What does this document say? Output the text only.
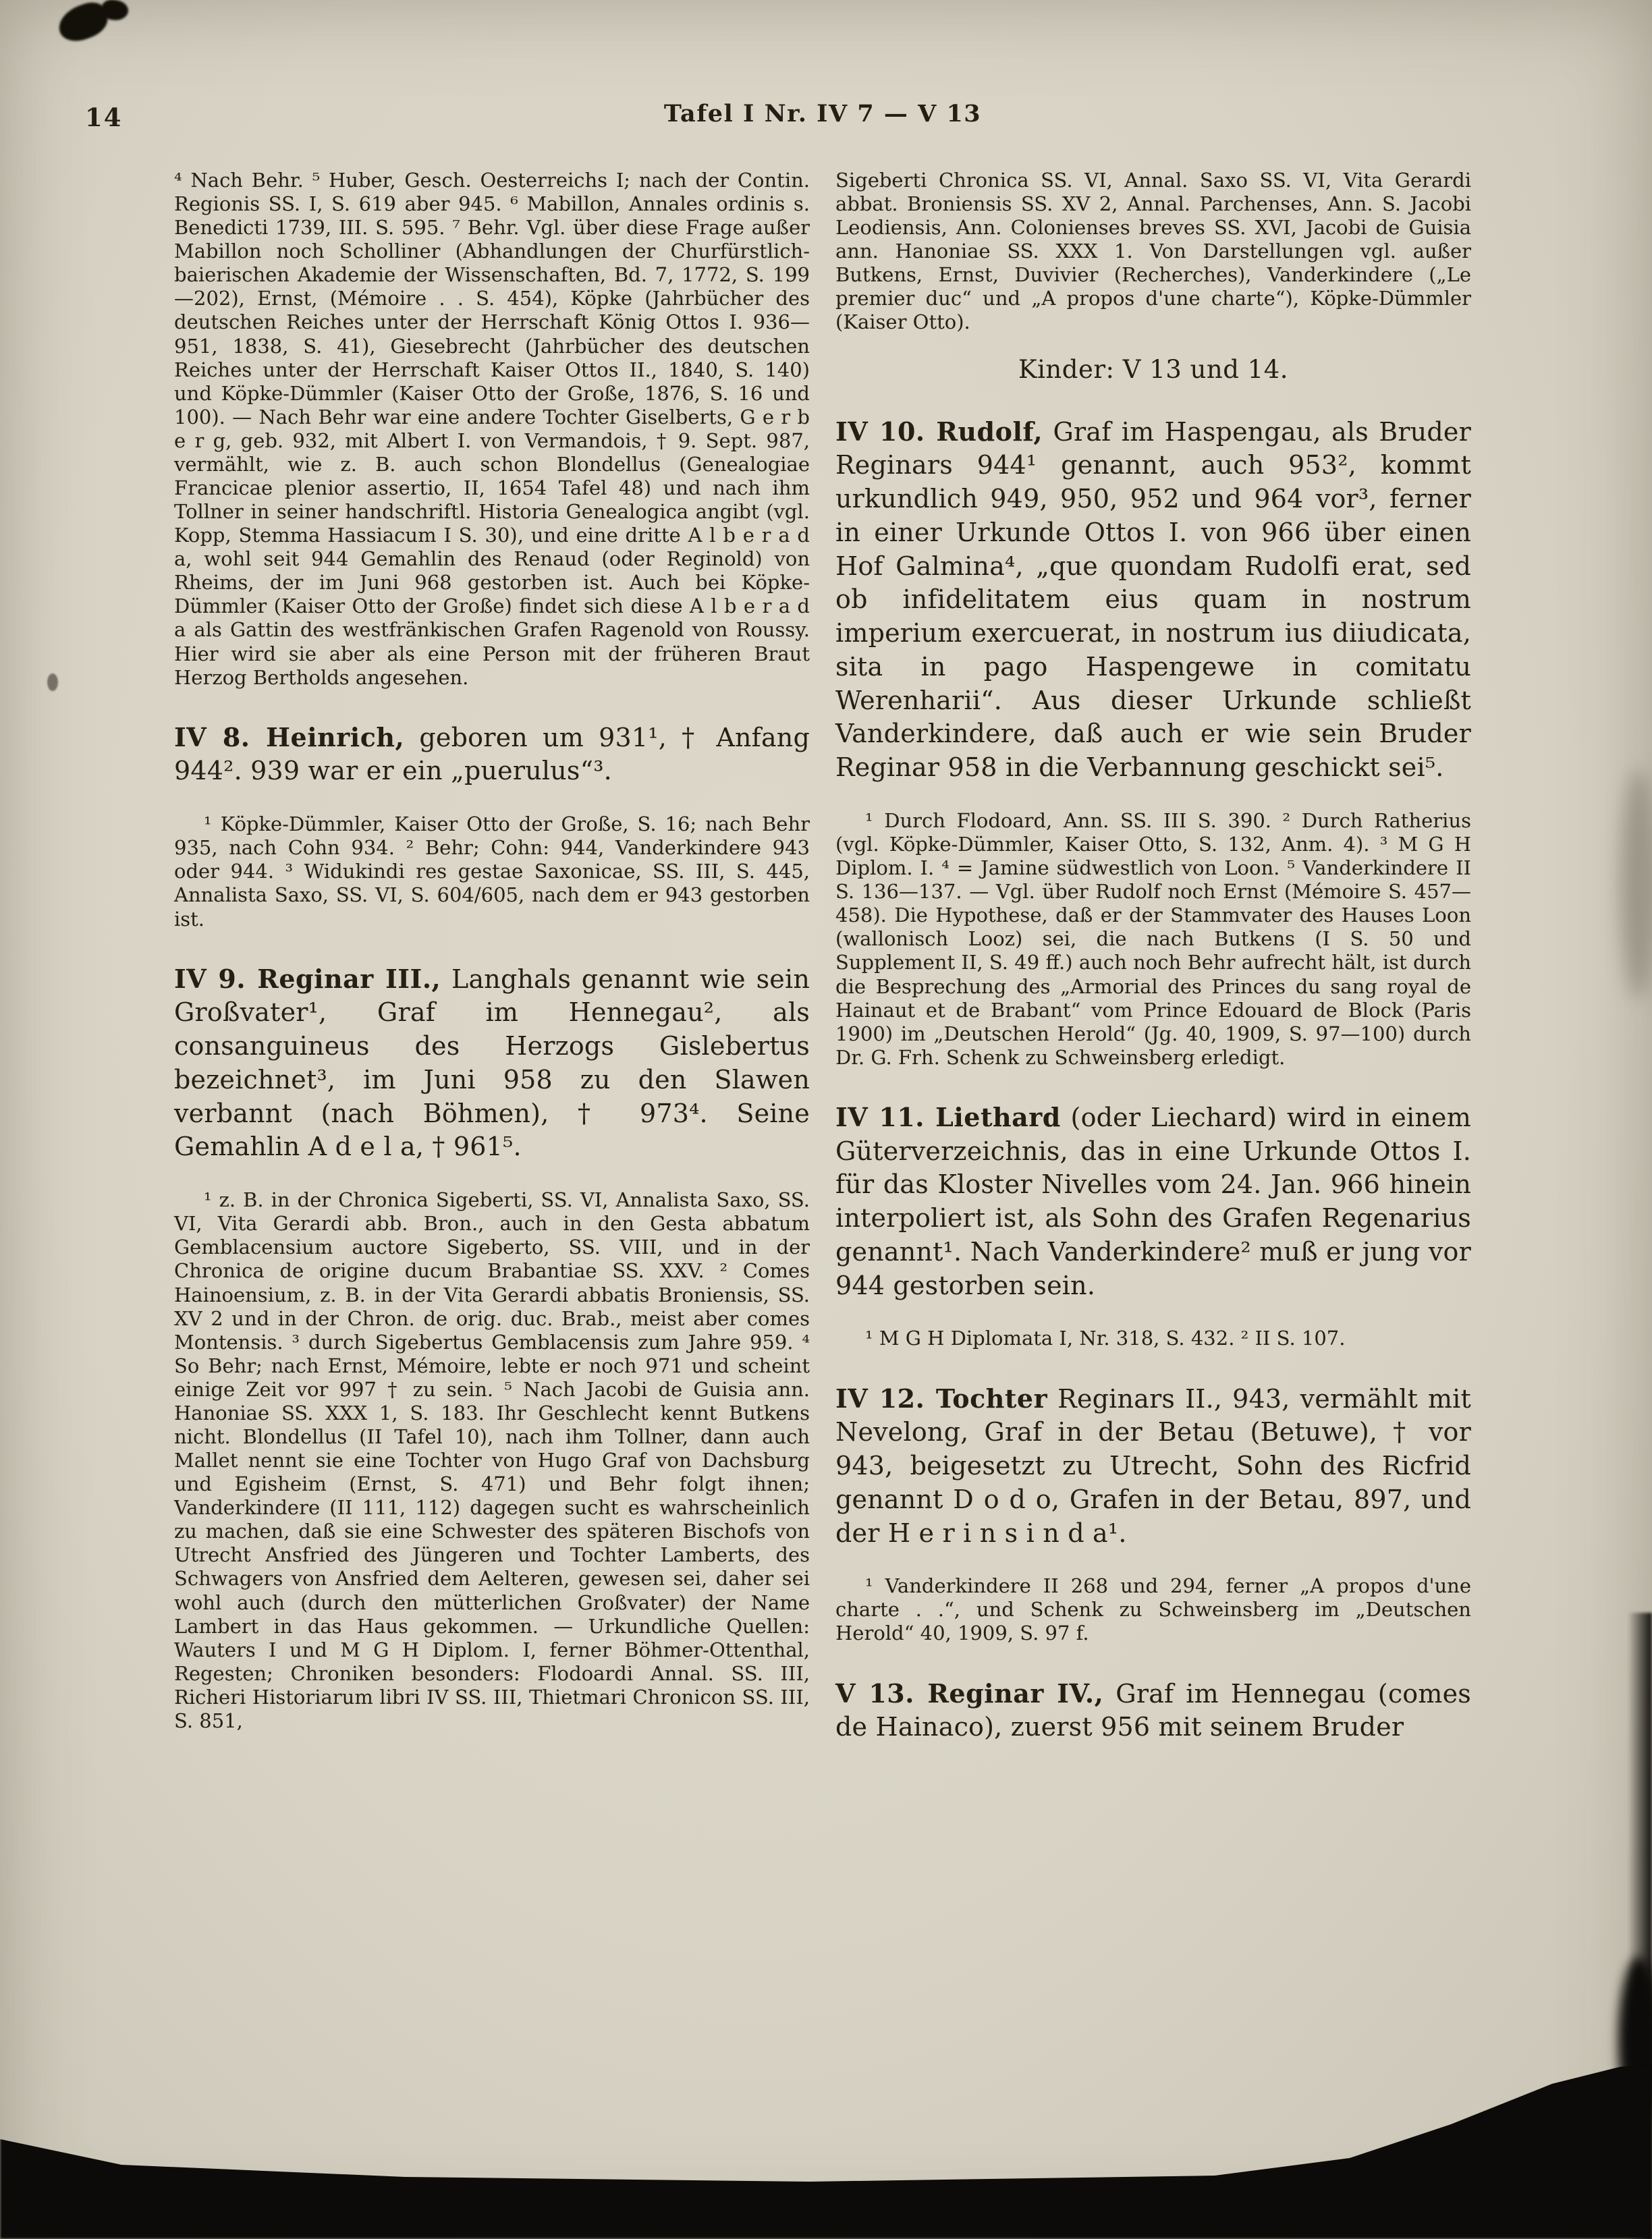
14	Tafel I Nr. IV 7 — V 13

⁴ Nach Behr. ⁵ Huber, Gesch. Oesterreichs I; nach der Contin. Regionis SS. I, S. 619 aber 945. ⁶ Mabillon, Annales ordinis s. Benedicti 1739, III. S. 595. ⁷ Behr. Vgl. über diese Frage außer Mabillon noch Scholliner (Abhandlungen der Churfürstlich-baierischen Akademie der Wissenschaften, Bd. 7, 1772, S. 199—202), Ernst, (Mémoire . . S. 454), Köpke (Jahrbücher des deutschen Reiches unter der Herrschaft König Ottos I. 936—951, 1838, S. 41), Giesebrecht (Jahrbücher des deutschen Reiches unter der Herrschaft Kaiser Ottos II., 1840, S. 140) und Köpke-Dümmler (Kaiser Otto der Große, 1876, S. 16 und 100). — Nach Behr war eine andere Tochter Giselberts, G e r b e r g, geb. 932, mit Albert I. von Vermandois, † 9. Sept. 987, vermählt, wie z. B. auch schon Blondellus (Genealogiae Francicae plenior assertio, II, 1654 Tafel 48) und nach ihm Tollner in seiner handschriftl. Historia Genealogica angibt (vgl. Kopp, Stemma Hassiacum I S. 30), und eine dritte A l b e r a d a, wohl seit 944 Gemahlin des Renaud (oder Reginold) von Rheims, der im Juni 968 gestorben ist. Auch bei Köpke-Dümmler (Kaiser Otto der Große) findet sich diese A l b e r a d a als Gattin des westfränkischen Grafen Ragenold von Roussy. Hier wird sie aber als eine Person mit der früheren Braut Herzog Bertholds angesehen.

IV 8. Heinrich, geboren um 931¹, † Anfang 944². 939 war er ein „puerulus“³.

¹ Köpke-Dümmler, Kaiser Otto der Große, S. 16; nach Behr 935, nach Cohn 934. ² Behr; Cohn: 944, Vanderkindere 943 oder 944. ³ Widukindi res gestae Saxonicae, SS. III, S. 445, Annalista Saxo, SS. VI, S. 604/605, nach dem er 943 gestorben ist.

IV 9. Reginar III., Langhals genannt wie sein Großvater¹, Graf im Hennegau², als consanguineus des Herzogs Gislebertus bezeichnet³, im Juni 958 zu den Slawen verbannt (nach Böhmen), † 973⁴. Seine Gemahlin A d e l a, † 961⁵.

¹ z. B. in der Chronica Sigeberti, SS. VI, Annalista Saxo, SS. VI, Vita Gerardi abb. Bron., auch in den Gesta abbatum Gemblacensium auctore Sigeberto, SS. VIII, und in der Chronica de origine ducum Brabantiae SS. XXV. ² Comes Hainoensium, z. B. in der Vita Gerardi abbatis Broniensis, SS. XV 2 und in der Chron. de orig. duc. Brab., meist aber comes Montensis. ³ durch Sigebertus Gemblacensis zum Jahre 959. ⁴ So Behr; nach Ernst, Mémoire, lebte er noch 971 und scheint einige Zeit vor 997 † zu sein. ⁵ Nach Jacobi de Guisia ann. Hanoniae SS. XXX 1, S. 183. Ihr Geschlecht kennt Butkens nicht. Blondellus (II Tafel 10), nach ihm Tollner, dann auch Mallet nennt sie eine Tochter von Hugo Graf von Dachsburg und Egisheim (Ernst, S. 471) und Behr folgt ihnen; Vanderkindere (II 111, 112) dagegen sucht es wahrscheinlich zu machen, daß sie eine Schwester des späteren Bischofs von Utrecht Ansfried des Jüngeren und Tochter Lamberts, des Schwagers von Ansfried dem Aelteren, gewesen sei, daher sei wohl auch (durch den mütterlichen Großvater) der Name Lambert in das Haus gekommen. — Urkundliche Quellen: Wauters I und M G H Diplom. I, ferner Böhmer-Ottenthal, Regesten; Chroniken besonders: Flodoardi Annal. SS. III, Richeri Historiarum libri IV SS. III, Thietmari Chronicon SS. III, S. 851,

Sigeberti Chronica SS. VI, Annal. Saxo SS. VI, Vita Gerardi abbat. Broniensis SS. XV 2, Annal. Parchenses, Ann. S. Jacobi Leodiensis, Ann. Colonienses breves SS. XVI, Jacobi de Guisia ann. Hanoniae SS. XXX 1. Von Darstellungen vgl. außer Butkens, Ernst, Duvivier (Recherches), Vanderkindere („Le premier duc“ und „A propos d'une charte“), Köpke-Dümmler (Kaiser Otto).

Kinder: V 13 und 14.

IV 10. Rudolf, Graf im Haspengau, als Bruder Reginars 944¹ genannt, auch 953², kommt urkundlich 949, 950, 952 und 964 vor³, ferner in einer Urkunde Ottos I. von 966 über einen Hof Galmina⁴, „que quondam Rudolfi erat, sed ob infidelitatem eius quam in nostrum imperium exercuerat, in nostrum ius diiudicata, sita in pago Haspengewe in comitatu Werenharii“. Aus dieser Urkunde schließt Vanderkindere, daß auch er wie sein Bruder Reginar 958 in die Verbannung geschickt sei⁵.

¹ Durch Flodoard, Ann. SS. III S. 390. ² Durch Ratherius (vgl. Köpke-Dümmler, Kaiser Otto, S. 132, Anm. 4). ³ M G H Diplom. I. ⁴ = Jamine südwestlich von Loon. ⁵ Vanderkindere II S. 136—137. — Vgl. über Rudolf noch Ernst (Mémoire S. 457—458). Die Hypothese, daß er der Stammvater des Hauses Loon (wallonisch Looz) sei, die nach Butkens (I S. 50 und Supplement II, S. 49 ff.) auch noch Behr aufrecht hält, ist durch die Besprechung des „Armorial des Princes du sang royal de Hainaut et de Brabant“ vom Prince Edouard de Block (Paris 1900) im „Deutschen Herold“ (Jg. 40, 1909, S. 97—100) durch Dr. G. Frh. Schenk zu Schweinsberg erledigt.

IV 11. Liethard (oder Liechard) wird in einem Güterverzeichnis, das in eine Urkunde Ottos I. für das Kloster Nivelles vom 24. Jan. 966 hinein interpoliert ist, als Sohn des Grafen Regenarius genannt¹. Nach Vanderkindere² muß er jung vor 944 gestorben sein.

¹ M G H Diplomata I, Nr. 318, S. 432. ² II S. 107.

IV 12. Tochter Reginars II., 943, vermählt mit Nevelong, Graf in der Betau (Betuwe), † vor 943, beigesetzt zu Utrecht, Sohn des Ricfrid genannt D o d o, Grafen in der Betau, 897, und der H e r i n s i n d a¹.

¹ Vanderkindere II 268 und 294, ferner „A propos d'une charte . .“, und Schenk zu Schweinsberg im „Deutschen Herold“ 40, 1909, S. 97 f.

V 13. Reginar IV., Graf im Hennegau (comes de Hainaco), zuerst 956 mit seinem Bruder
